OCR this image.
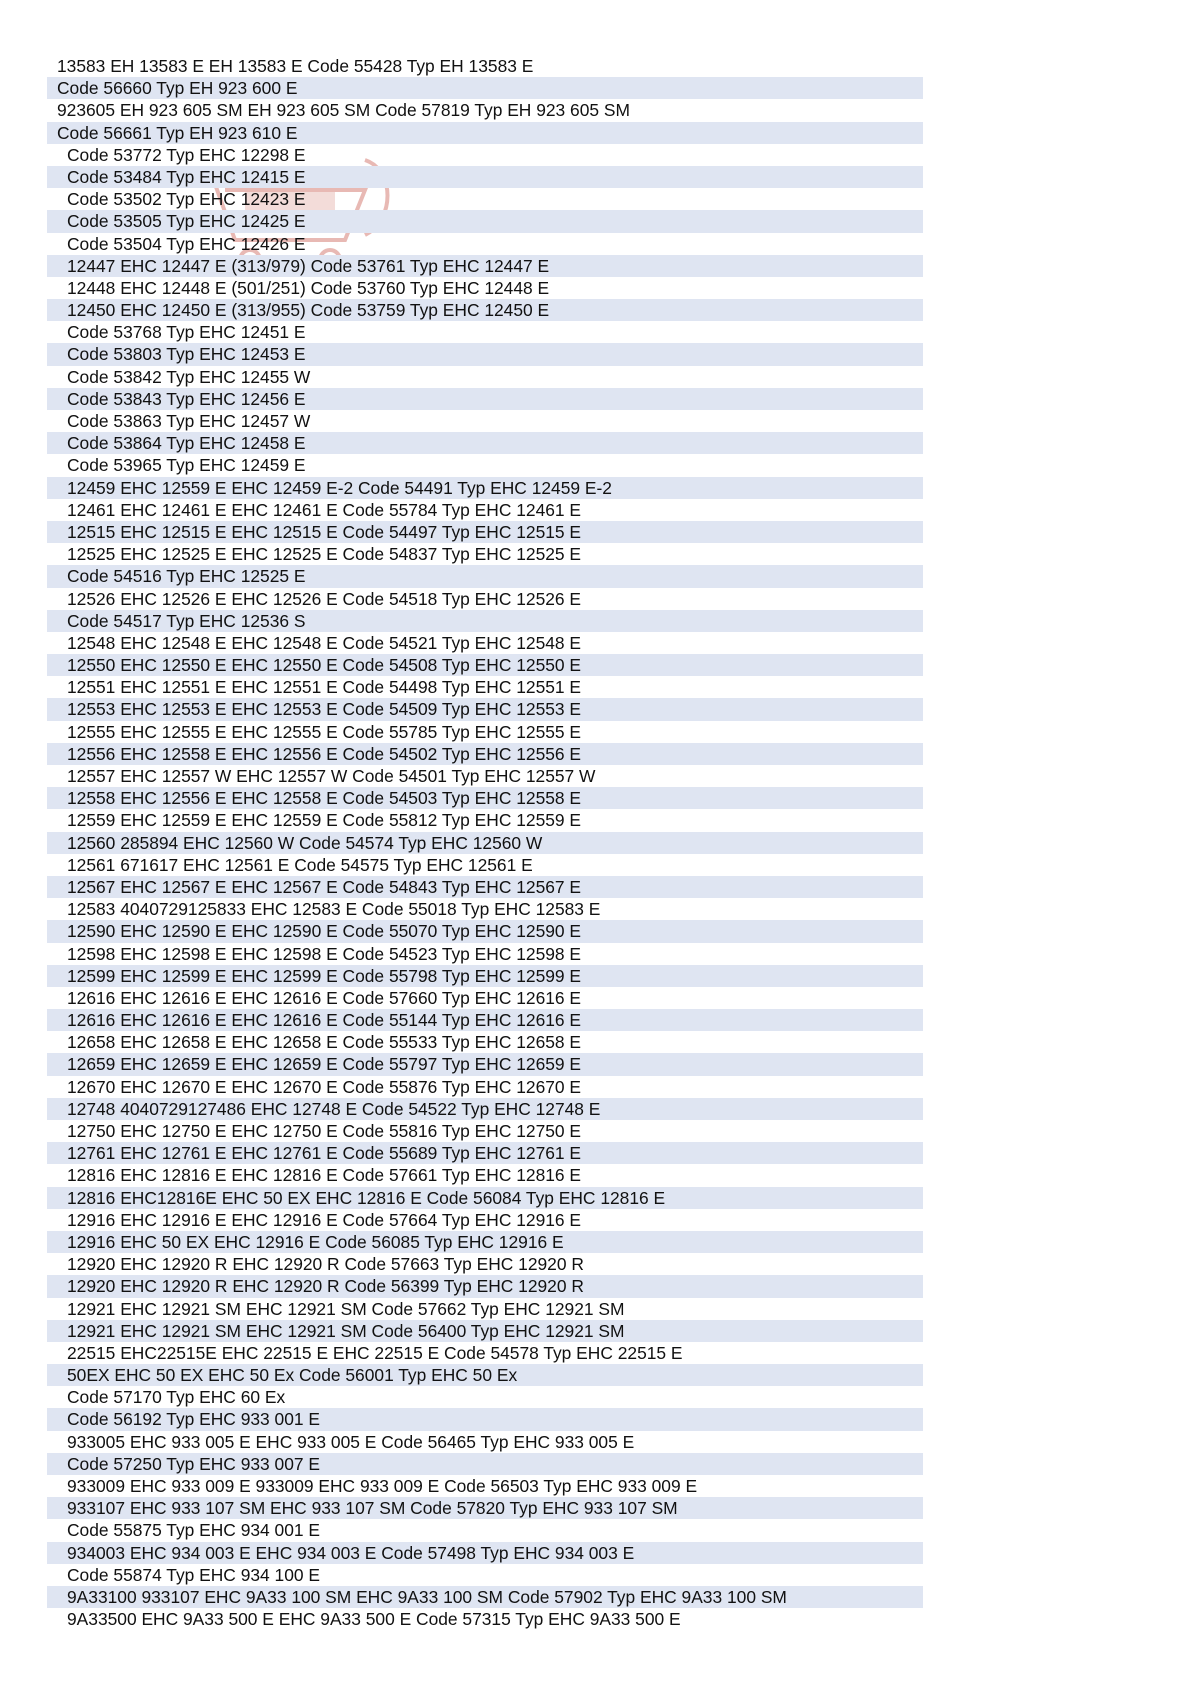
13583 EH 13583 E EH 13583 E Code 55428 Typ EH 13583 E
Code 56660 Typ EH 923 600 E
923605 EH 923 605 SM EH 923 605 SM Code 57819 Typ EH 923 605 SM
Code 56661 Typ EH 923 610 E
Code 53772 Typ EHC 12298 E
Code 53484 Typ EHC 12415 E
Code 53502 Typ EHC 12423 E
Code 53505 Typ EHC 12425 E
Code 53504 Typ EHC 12426 E
12447 EHC 12447 E (313/979) Code 53761 Typ EHC 12447 E
12448 EHC 12448 E (501/251) Code 53760 Typ EHC 12448 E
12450 EHC 12450 E (313/955) Code 53759 Typ EHC 12450 E
Code 53768 Typ EHC 12451 E
Code 53803 Typ EHC 12453 E
Code 53842 Typ EHC 12455 W
Code 53843 Typ EHC 12456 E
Code 53863 Typ EHC 12457 W
Code 53864 Typ EHC 12458 E
Code 53965 Typ EHC 12459 E
12459 EHC 12559 E EHC 12459 E-2 Code 54491 Typ EHC 12459 E-2
12461 EHC 12461 E EHC 12461 E Code 55784 Typ EHC 12461 E
12515 EHC 12515 E EHC 12515 E Code 54497 Typ EHC 12515 E
12525 EHC 12525 E EHC 12525 E Code 54837 Typ EHC 12525 E
Code 54516 Typ EHC 12525 E
12526 EHC 12526 E EHC 12526 E Code 54518 Typ EHC 12526 E
Code 54517 Typ EHC 12536 S
12548 EHC 12548 E EHC 12548 E Code 54521 Typ EHC 12548 E
12550 EHC 12550 E EHC 12550 E Code 54508 Typ EHC 12550 E
12551 EHC 12551 E EHC 12551 E Code 54498 Typ EHC 12551 E
12553 EHC 12553 E EHC 12553 E Code 54509 Typ EHC 12553 E
12555 EHC 12555 E EHC 12555 E Code 55785 Typ EHC 12555 E
12556 EHC 12558 E EHC 12556 E Code 54502 Typ EHC 12556 E
12557 EHC 12557 W EHC 12557 W Code 54501 Typ EHC 12557 W
12558 EHC 12556 E EHC 12558 E Code 54503 Typ EHC 12558 E
12559 EHC 12559 E EHC 12559 E Code 55812 Typ EHC 12559 E
12560 285894 EHC 12560 W Code 54574 Typ EHC 12560 W
12561 671617 EHC 12561 E Code 54575 Typ EHC 12561 E
12567 EHC 12567 E EHC 12567 E Code 54843 Typ EHC 12567 E
12583 4040729125833 EHC 12583 E Code 55018 Typ EHC 12583 E
12590 EHC 12590 E EHC 12590 E Code 55070 Typ EHC 12590 E
12598 EHC 12598 E EHC 12598 E Code 54523 Typ EHC 12598 E
12599 EHC 12599 E EHC 12599 E Code 55798 Typ EHC 12599 E
12616 EHC 12616 E EHC 12616 E Code 57660 Typ EHC 12616 E
12616 EHC 12616 E EHC 12616 E Code 55144 Typ EHC 12616 E
12658 EHC 12658 E EHC 12658 E Code 55533 Typ EHC 12658 E
12659 EHC 12659 E EHC 12659 E Code 55797 Typ EHC 12659 E
12670 EHC 12670 E EHC 12670 E Code 55876 Typ EHC 12670 E
12748 4040729127486 EHC 12748 E Code 54522 Typ EHC 12748 E
12750 EHC 12750 E EHC 12750 E Code 55816 Typ EHC 12750 E
12761 EHC 12761 E EHC 12761 E Code 55689 Typ EHC 12761 E
12816 EHC 12816 E EHC 12816 E Code 57661 Typ EHC 12816 E
12816 EHC12816E EHC 50 EX EHC 12816 E Code 56084 Typ EHC 12816 E
12916 EHC 12916 E EHC 12916 E Code 57664 Typ EHC 12916 E
12916 EHC 50 EX EHC 12916 E Code 56085 Typ EHC 12916 E
12920 EHC 12920 R EHC 12920 R Code 57663 Typ EHC 12920 R
12920 EHC 12920 R EHC 12920 R Code 56399 Typ EHC 12920 R
12921 EHC 12921 SM EHC 12921 SM Code 57662 Typ EHC 12921 SM
12921 EHC 12921 SM EHC 12921 SM Code 56400 Typ EHC 12921 SM
22515 EHC22515E EHC 22515 E EHC 22515 E Code 54578 Typ EHC 22515 E
50EX EHC 50 EX EHC 50 Ex Code 56001 Typ EHC 50 Ex
Code 57170 Typ EHC 60 Ex
Code 56192 Typ EHC 933 001 E
933005 EHC 933 005 E EHC 933 005 E Code 56465 Typ EHC 933 005 E
Code 57250 Typ EHC 933 007 E
933009 EHC 933 009 E 933009 EHC 933 009 E Code 56503 Typ EHC 933 009 E
933107 EHC 933 107 SM EHC 933 107 SM Code 57820 Typ EHC 933 107 SM
Code 55875 Typ EHC 934 001 E
934003 EHC 934 003 E EHC 934 003 E Code 57498 Typ EHC 934 003 E
Code 55874 Typ EHC 934 100 E
9A33100 933107 EHC 9A33 100 SM EHC 9A33 100 SM Code 57902 Typ EHC 9A33 100 SM
9A33500 EHC 9A33 500 E EHC 9A33 500 E Code 57315 Typ EHC 9A33 500 E
